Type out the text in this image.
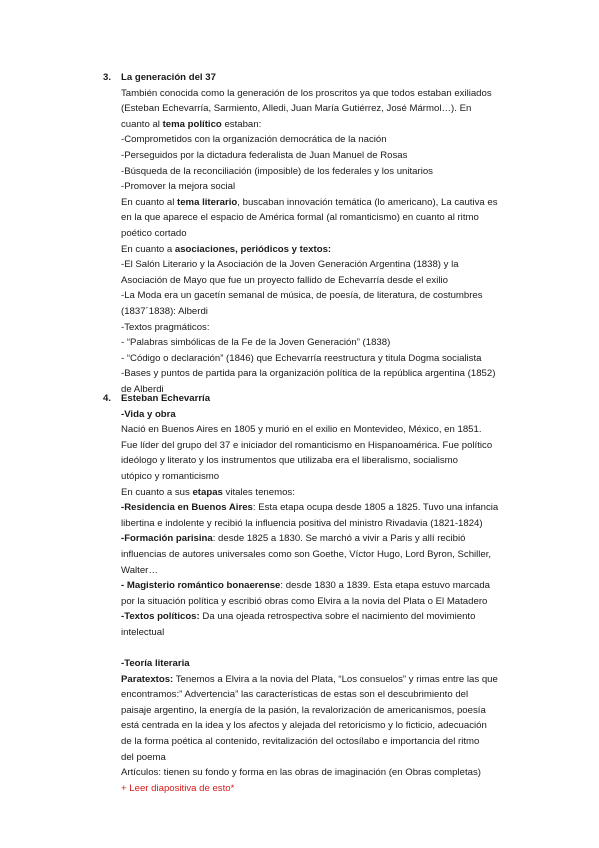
3. La generación del 37
También conocida como la generación de los proscritos ya que todos estaban exiliados
(Esteban Echevarría, Sarmiento, Alledi, Juan María Gutiérrez, José Mármol…). En
cuanto al tema político estaban:
-Comprometidos con la organización democrática de la nación
-Perseguidos por la dictadura federalista de Juan Manuel de Rosas
-Búsqueda de la reconciliación (imposible) de los federales y los unitarios
-Promover la mejora social
En cuanto al tema literario, buscaban innovación temática (lo americano), La cautiva es
en la que aparece el espacio de América formal (al romanticismo) en cuanto al ritmo
poético cortado
En cuanto a asociaciones, periódicos y textos:
-El Salón Literario y la Asociación de la Joven Generación Argentina (1838) y la
Asociación de Mayo que fue un proyecto fallido de Echevarría desde el exilio
-La Moda era un gacetín semanal de música, de poesía, de literatura, de costumbres
(1837´1838): Alberdi
-Textos pragmáticos:
- “Palabras simbólicas de la Fe de la Joven Generación” (1838)
- “Código o declaración” (1846) que Echevarría reestructura y titula Dogma socialista
-Bases y puntos de partida para la organización política de la república argentina (1852)
de Alberdi
4. Esteban Echevarría
-Vida y obra
Nació en Buenos Aires en 1805 y murió en el exilio en Montevideo, México, en 1851.
Fue líder del grupo del 37 e iniciador del romanticismo en Hispanoamérica. Fue político
ideólogo y literato y los instrumentos que utilizaba era el liberalismo, socialismo
utópico y romanticismo
En cuanto a sus etapas vitales tenemos:
-Residencia en Buenos Aires: Esta etapa ocupa desde 1805 a 1825. Tuvo una infancia
libertina e indolente y recibió la influencia positiva del ministro Rivadavia (1821-1824)
-Formación parisina: desde 1825 a 1830. Se marchó a vivir a Paris y allí recibió
influencias de autores universales como son Goethe, Víctor Hugo, Lord Byron, Schiller,
Walter…
- Magisterio romántico bonaerense: desde 1830 a 1839. Esta etapa estuvo marcada
por la situación política y escribió obras como Elvira a la novia del Plata o El Matadero
-Textos políticos: Da una ojeada retrospectiva sobre el nacimiento del movimiento
intelectual
-Teoría literaria
Paratextos: Tenemos a Elvira a la novia del Plata, “Los consuelos” y rimas entre las que
encontramos:” Advertencia” las características de estas son el descubrimiento del
paisaje argentino, la energía de la pasión, la revalorización de americanismos, poesía
está centrada en la idea y los afectos y alejada del retoricismo y lo ficticio, adecuación
de la forma poética al contenido, revitalización del octosílabo e importancia del ritmo
del poema
Artículos: tienen su fondo y forma en las obras de imaginación (en Obras completas)
+ Leer diapositiva de esto*
